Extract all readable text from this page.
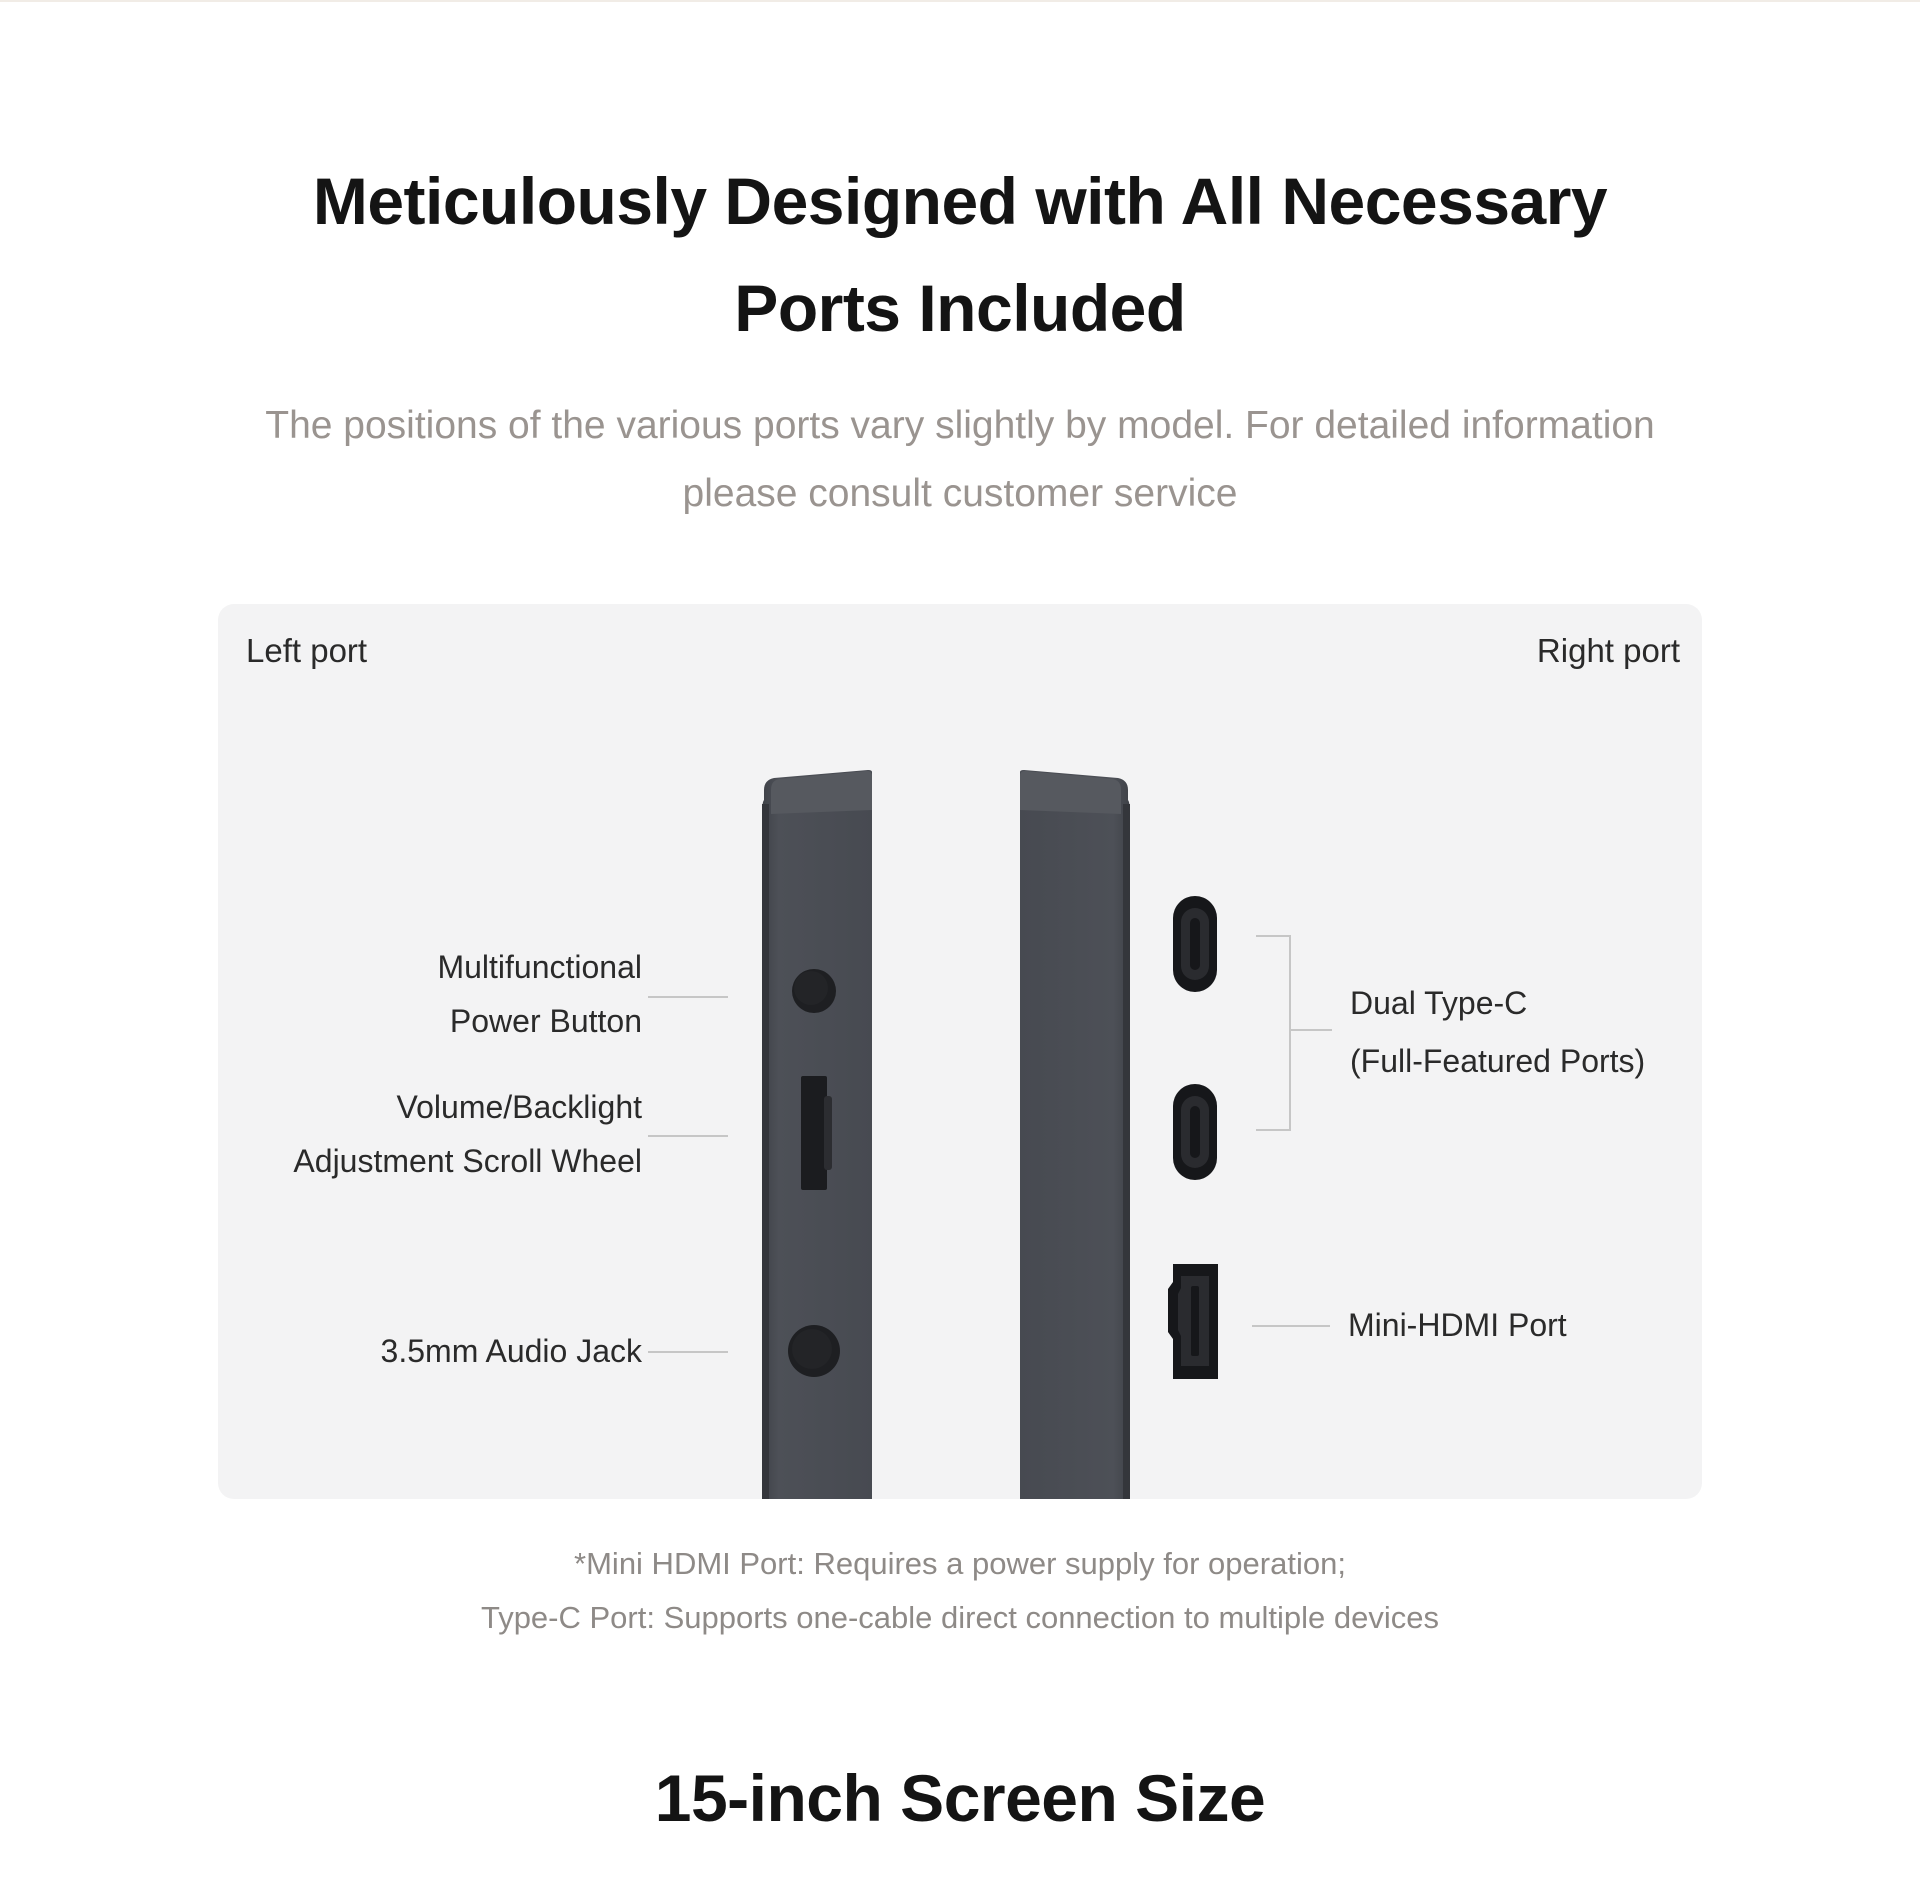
Meticulously Designed with All Necessary
Ports Included
The positions of the various ports vary slightly by model. For detailed information
please consult customer service
Left port	Right port
Multifunctional
Power Button
Volume/Backlight
Adjustment Scroll Wheel
3.5mm Audio Jack
Dual Type-C
(Full-Featured Ports)
Mini-HDMI Port
*Mini HDMI Port: Requires a power supply for operation;
Type-C Port: Supports one-cable direct connection to multiple devices
15-inch Screen Size
